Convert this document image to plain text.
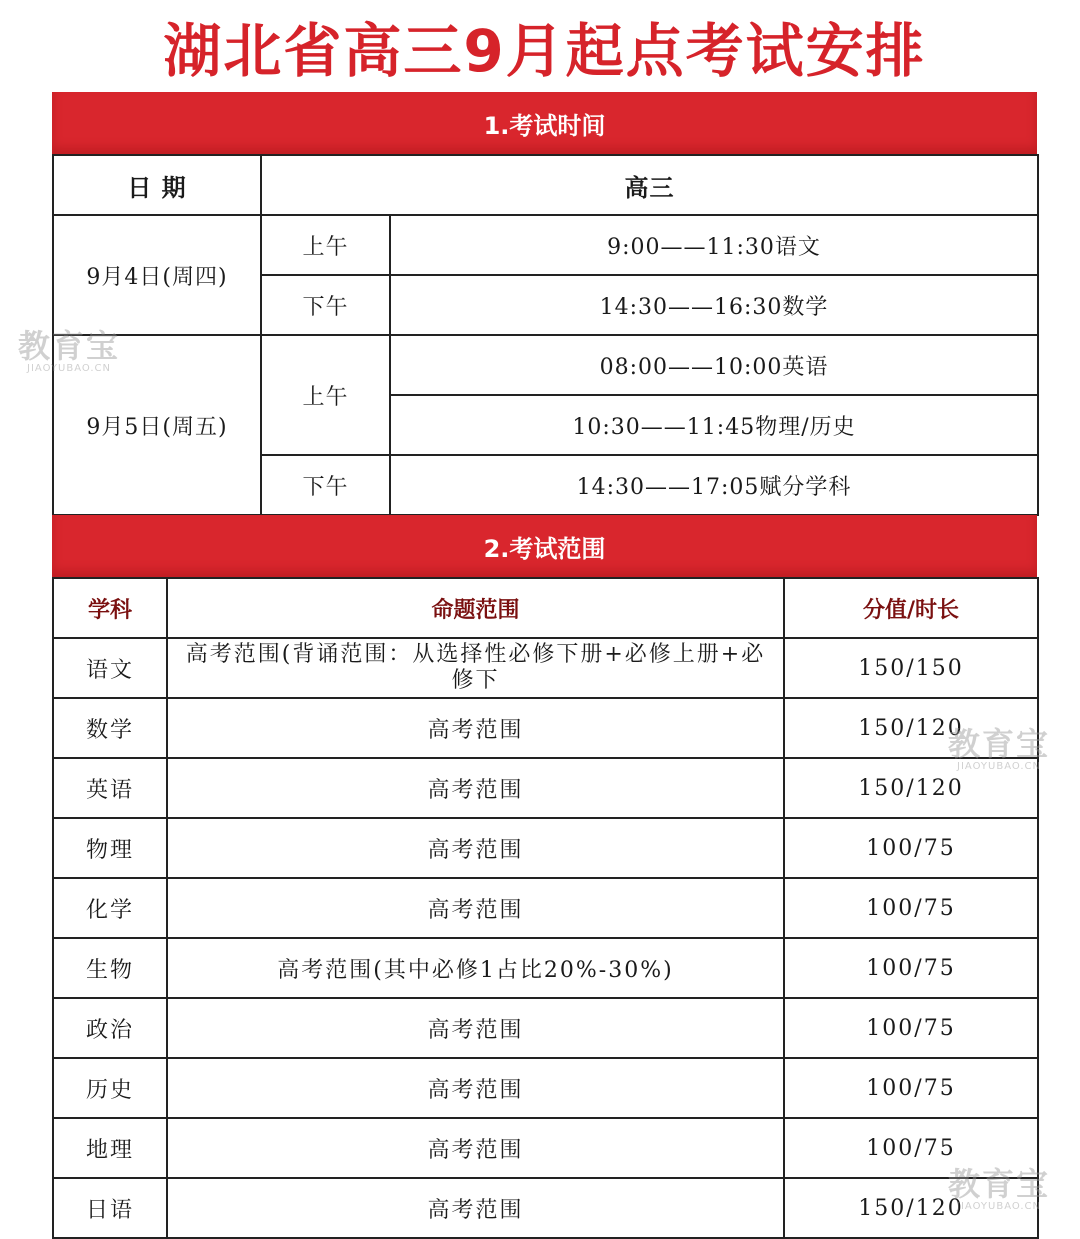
湖北省高三9月起点考试安排
1.考试时间
日 期	高三	
9月4日(周四)	上午	9:00——11:30语文
	下午	14:30——16:30数学
9月5日(周五)	上午	08:00——10:00英语
		10:30——11:45物理/历史
	下午	14:30——17:05赋分学科
2.考试范围
学科	命题范围	分值/时长
语文	高考范围(背诵范围：从选择性必修下册+必修上册+必修下	150/150
数学	高考范围	150/120
英语	高考范围	150/120
物理	高考范围	100/75
化学	高考范围	100/75
生物	高考范围(其中必修1占比20%-30%)	100/75
政治	高考范围	100/75
历史	高考范围	100/75
地理	高考范围	100/75
日语	高考范围	150/120
教育宝
JIAOYUBAO.CN
教育宝
JIAOYUBAO.CN
教育宝
JIAOYUBAO.CN
